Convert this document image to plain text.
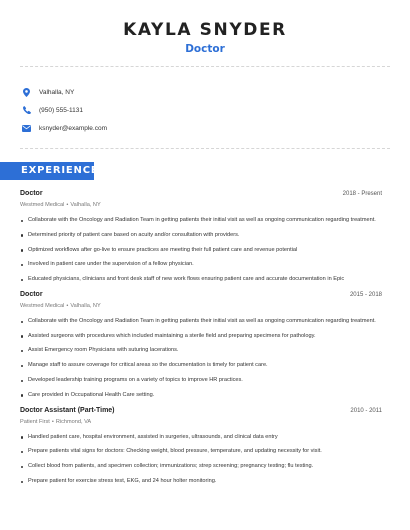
KAYLA SNYDER
Doctor
Valhalla, NY
(950) 555-1131
ksnyder@example.com
EXPERIENCE
Doctor	2018 - Present
Westmed Medical • Valhalla, NY
Collaborate with the Oncology and Radiation Team in getting patients their initial visit as well as ongoing communication regarding treatment.
Determined priority of patient care based on acuity and/or consultation with providers.
Optimized workflows after go-live to ensure practices are meeting their full patient care and revenue potential
Involved in patient care under the supervision of a fellow physician.
Educated physicians, clinicians and front desk staff of new work flows ensuring patient care and accurate documentation in Epic
Doctor	2015 - 2018
Westmed Medical • Valhalla, NY
Collaborate with the Oncology and Radiation Team in getting patients their initial visit as well as ongoing communication regarding treatment.
Assisted surgeons with procedures which included maintaining a sterile field and preparing specimens for pathology.
Assist Emergency room Physicians with suturing lacerations.
Manage staff to assure coverage for critical areas so the documentation is timely for patient care.
Developed leadership training programs on a variety of topics to improve HR practices.
Care provided in Occupational Health Care setting.
Doctor Assistant (Part-Time)	2010 - 2011
Patient First • Richmond, VA
Handled patient care, hospital environment, assisted in surgeries, ultrasounds, and clinical data entry
Prepare patients vital signs for doctors: Checking weight, blood pressure, temperature, and updating necessity for visit.
Collect blood from patients, and specimen collection; immunizations; strep screening; pregnancy testing; flu testing.
Prepare patient for exercise stress test, EKG, and 24 hour holter monitoring.
